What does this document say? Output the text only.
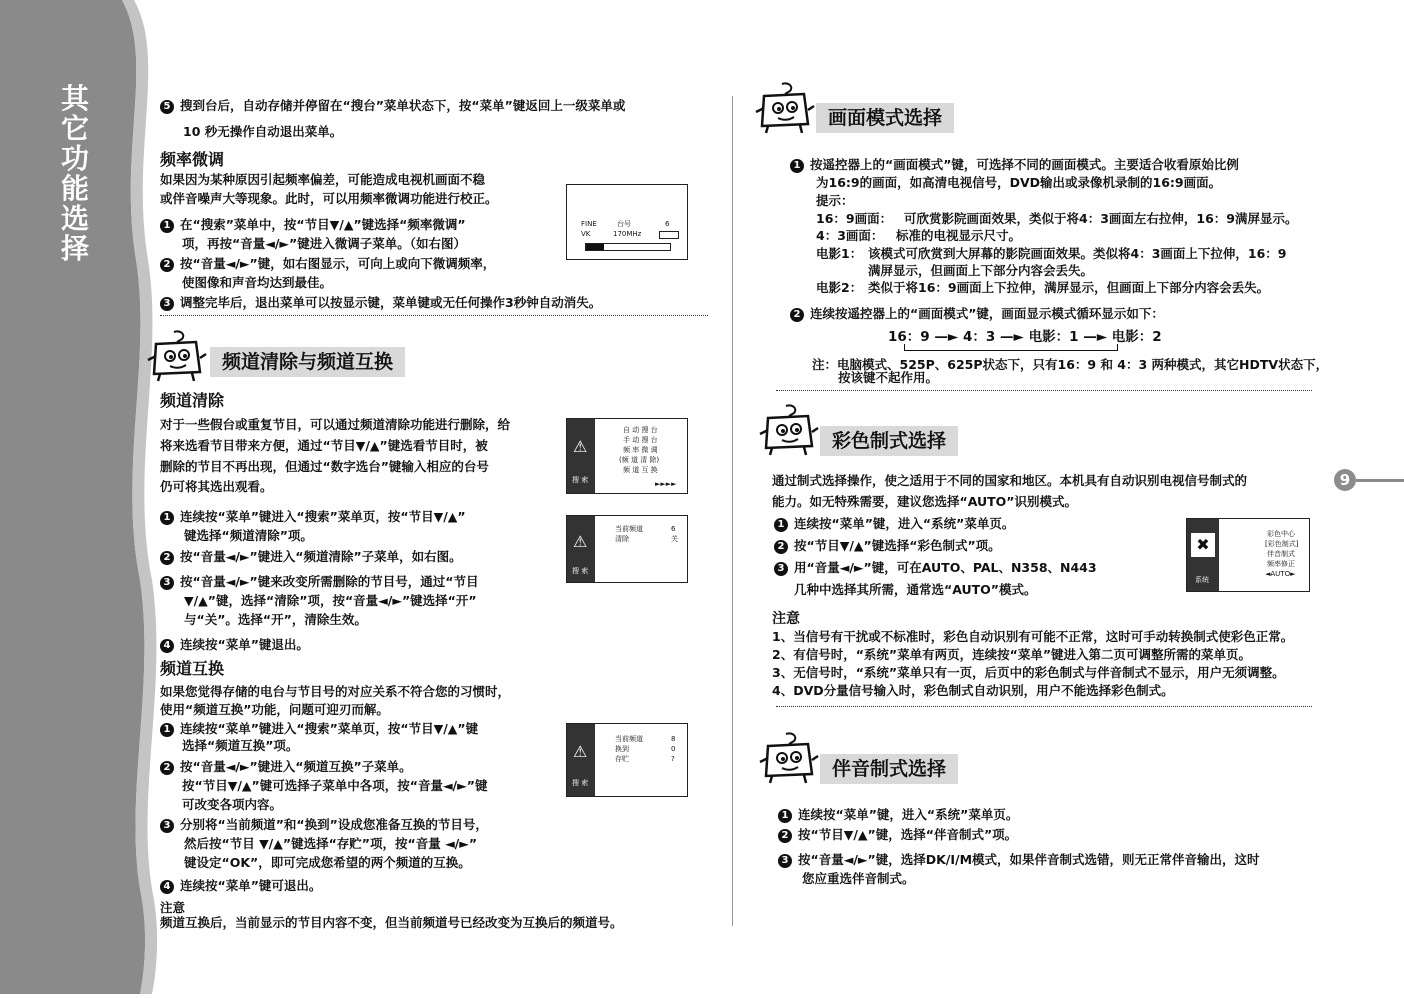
其
它
功
能
选
择
5 搜到台后，自动存储并停留在“搜台”菜单状态下，按“菜单”键返回上一级菜单或
10 秒无操作自动退出菜单。
频率微调
如果因为某种原因引起频率偏差，可能造成电视机画面不稳
或伴音噪声大等现象。此时，可以用频率微调功能进行校正。
1 在“搜索”菜单中，按“节目▼/▲”键选择“频率微调”
项，再按“音量◄/►”键进入微调子菜单。（如右图）
2 按“音量◄/►”键，如右图显示，可向上或向下微调频率，
使图像和声音均达到最佳。
3 调整完毕后，退出菜单可以按显示键，菜单键或无任何操作3秒钟自动消失。
FINE	台号	6
VK	170MHz
频道清除与频道互换
频道清除
对于一些假台或重复节目，可以通过频道清除功能进行删除，给
将来选看节目带来方便，通过“节目▼/▲”键选看节目时，被
删除的节目不再出现，但通过“数字选台”键输入相应的台号
仍可将其选出观看。
1 连续按“菜单”键进入“搜索”菜单页，按“节目▼/▲”
键选择“频道清除”项。
2 按“音量◄/►”键进入“频道清除”子菜单，如右图。
3 按“音量◄/►”键来改变所需删除的节目号，通过“节目
▼/▲”键，选择“清除”项，按“音量◄/►”键选择“开”
与“关”。选择“开”，清除生效。
4 连续按“菜单”键退出。
频道互换
如果您觉得存储的电台与节目号的对应关系不符合您的习惯时，
使用“频道互换”功能，问题可迎刃而解。
1 连续按“菜单”键进入“搜索”菜单页，按“节目▼/▲”键
选择“频道互换”项。
2 按“音量◄/►”键进入“频道互换”子菜单。
按“节目▼/▲”键可选择子菜单中各项，按“音量◄/►”键
可改变各项内容。
3 分别将“当前频道”和“换到”设成您准备互换的节目号，
然后按“节目 ▼/▲”键选择“存贮”项，按“音量 ◄/►”
键设定“OK”，即可完成您希望的两个频道的互换。
4 连续按“菜单”键可退出。
注意
频道互换后，当前显示的节目内容不变，但当前频道号已经改变为互换后的频道号。
⚠
搜 索
自 动 搜 台
手 动 搜 台
频 率 微 调
(频 道 清 除)
频 道 互 换
►►►►
⚠
搜 索
当前频道	6
清除	关
⚠
搜 索
当前频道	8
换到	0
存贮	?
画面模式选择
1 按遥控器上的“画面模式”键，可选择不同的画面模式。主要适合收看原始比例
为16:9的画面，如高清电视信号，DVD输出或录像机录制的16:9画面。
提示：
16：9画面： 可欣赏影院画面效果，类似于将4：3画面左右拉伸，16：9满屏显示。
4：3画面： 标准的电视显示尺寸。
电影1： 该模式可欣赏到大屏幕的影院画面效果。类似将4：3画面上下拉伸，16：9
满屏显示，但画面上下部分内容会丢失。
电影2： 类似于将16：9画面上下拉伸，满屏显示，但画面上下部分内容会丢失。
2 连续按遥控器上的“画面模式”键，画面显示模式循环显示如下：
16：9 —► 4：3 —► 电影：1 —► 电影：2
注：电脑模式、525P、625P状态下，只有16：9 和 4：3 两种模式，其它HDTV状态下，
按该键不起作用。
彩色制式选择
通过制式选择操作，使之适用于不同的国家和地区。本机具有自动识别电视信号制式的
能力。如无特殊需要，建议您选择“AUTO”识别模式。
1 连续按“菜单”键，进入“系统”菜单页。
2 按“节目▼/▲”键选择“彩色制式”项。
3 用“音量◄/►”键，可在AUTO、PAL、N358、N443
几种中选择其所需，通常选“AUTO”模式。
✖
系统
彩色中心
[彩色制式]
伴音制式
频率修正
◄AUTO►
注意
1、当信号有干扰或不标准时，彩色自动识别有可能不正常，这时可手动转换制式使彩色正常。
2、有信号时，“系统”菜单有两页，连续按“菜单”键进入第二页可调整所需的菜单页。
3、无信号时，“系统”菜单只有一页，后页中的彩色制式与伴音制式不显示，用户无须调整。
4、DVD分量信号输入时，彩色制式自动识别，用户不能选择彩色制式。
伴音制式选择
1 连续按“菜单”键，进入“系统”菜单页。
2 按“节目▼/▲”键，选择“伴音制式”项。
3 按“音量◄/►”键，选择DK/I/M模式，如果伴音制式选错，则无正常伴音输出，这时
您应重选伴音制式。
9
